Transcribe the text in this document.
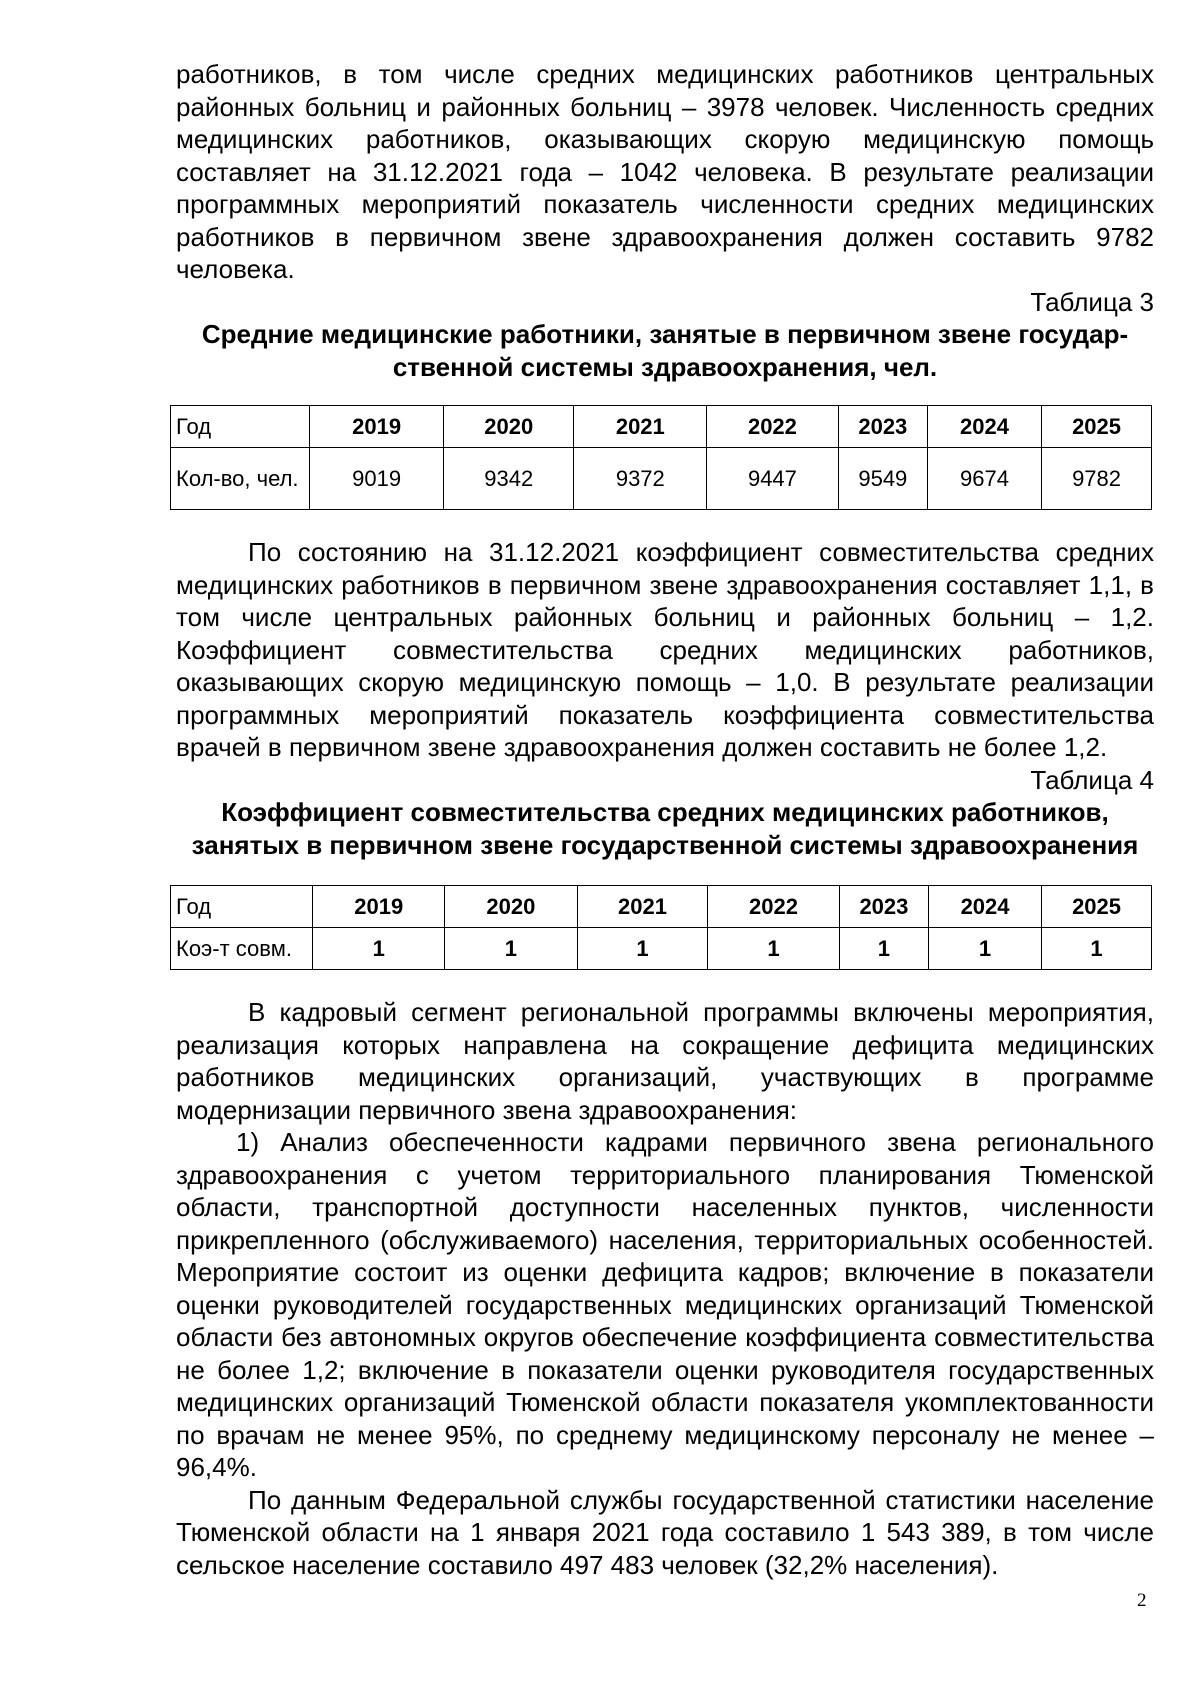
работников, в том числе средних медицинских работников центральных районных больниц и районных больниц – 3978 человек. Численность средних медицинских работников, оказывающих скорую медицинскую помощь составляет на 31.12.2021 года – 1042 человека. В результате реализации программных мероприятий показатель численности средних медицинских работников в первичном звене здравоохранения должен составить 9782 человека.

Таблица 3
Средние медицинские работники, занятые в первичном звене государ-
ственной системы здравоохранения, чел.
Год	2019	2020	2021	2022	2023	2024	2025
Кол-во, чел.	9019	9342	9372	9447	9549	9674	9782

По состоянию на 31.12.2021 коэффициент совместительства средних медицинских работников в первичном звене здравоохранения составляет 1,1, в том числе центральных районных больниц и районных больниц – 1,2. Коэффициент совместительства средних медицинских работников, оказывающих скорую медицинскую помощь – 1,0. В результате реализации программных мероприятий показатель коэффициента совместительства врачей в первичном звене здравоохранения должен составить не более 1,2.

Таблица 4
Коэффициент совместительства средних медицинских работников,
занятых в первичном звене государственной системы здравоохранения
Год	2019	2020	2021	2022	2023	2024	2025
Коэ-т совм.	1	1	1	1	1	1	1

В кадровый сегмент региональной программы включены мероприятия, реализация которых направлена на сокращение дефицита медицинских работников медицинских организаций, участвующих в программе модернизации первичного звена здравоохранения:

1) Анализ обеспеченности кадрами первичного звена регионального здравоохранения с учетом территориального планирования Тюменской области, транспортной доступности населенных пунктов, численности прикрепленного (обслуживаемого) населения, территориальных особенностей. Мероприятие состоит из оценки дефицита кадров; включение в показатели оценки руководителей государственных медицинских организаций Тюменской области без автономных округов обеспечение коэффициента совместительства не более 1,2; включение в показатели оценки руководителя государственных медицинских организаций Тюменской области показателя укомплектованности по врачам не менее 95%, по среднему медицинскому персоналу не менее – 96,4%.

По данным Федеральной службы государственной статистики население Тюменской области на 1 января 2021 года составило 1 543 389, в том числе сельское население составило 497 483 человек (32,2% населения).

2
